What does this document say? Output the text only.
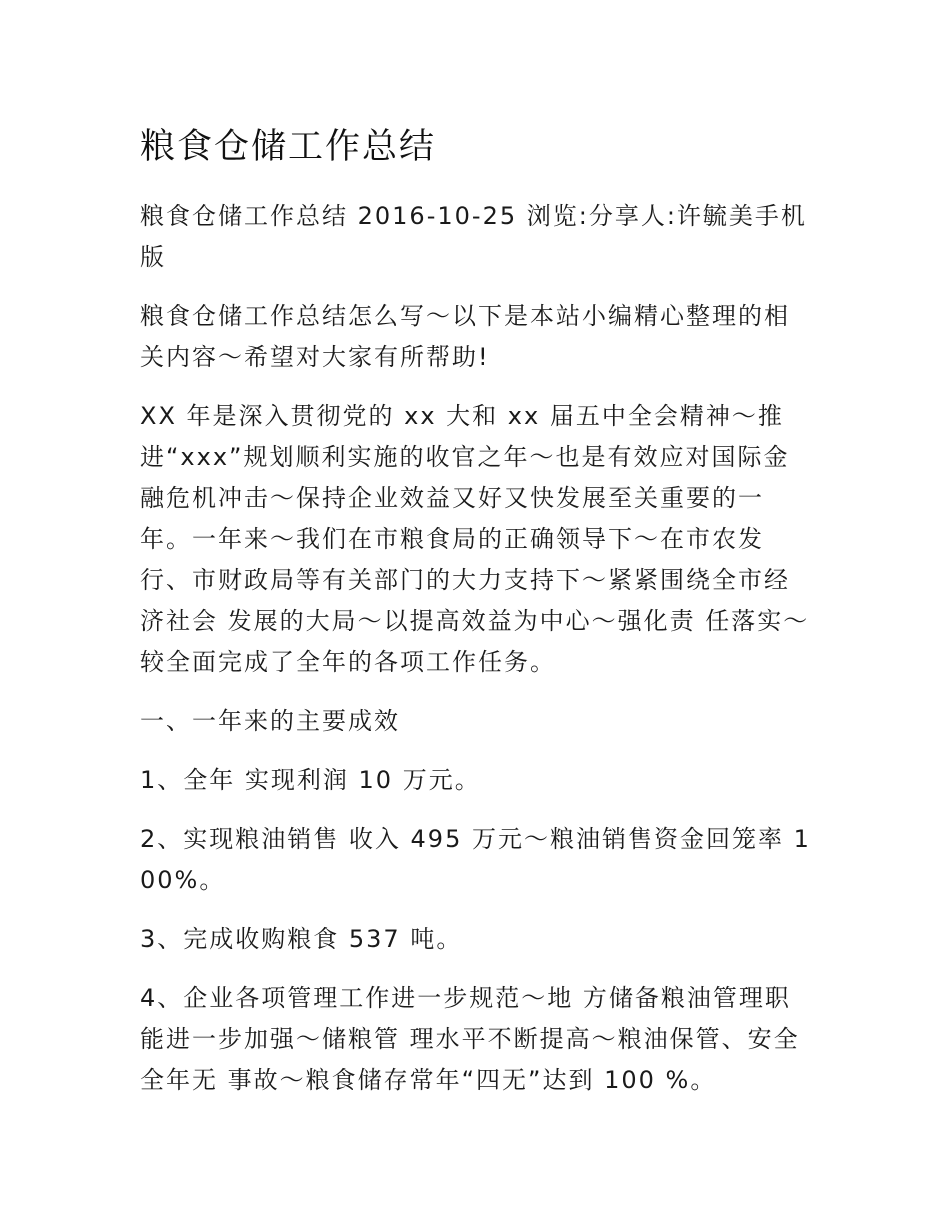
粮食仓储工作总结

粮食仓储工作总结 2016-10-25 浏览:分享人:许毓美手机版

粮食仓储工作总结怎么写～以下是本站小编精心整理的相关内容～希望对大家有所帮助!

XX 年是深入贯彻党的 xx 大和 xx 届五中全会精神～推进“xxx”规划顺利实施的收官之年～也是有效应对国际金融危机冲击～保持企业效益又好又快发展至关重要的一年。一年来～我们在市粮食局的正确领导下～在市农发行、市财政局等有关部门的大力支持下～紧紧围绕全市经济社会 发展的大局～以提高效益为中心～强化责 任落实～较全面完成了全年的各项工作任务。

一、一年来的主要成效

1、全年 实现利润 10 万元。

2、实现粮油销售 收入 495 万元～粮油销售资金回笼率 1 00%。

3、完成收购粮食 537 吨。

4、企业各项管理工作进一步规范～地 方储备粮油管理职能进一步加强～储粮管 理水平不断提高～粮油保管、安全全年无 事故～粮食储存常年“四无”达到 100 %。
